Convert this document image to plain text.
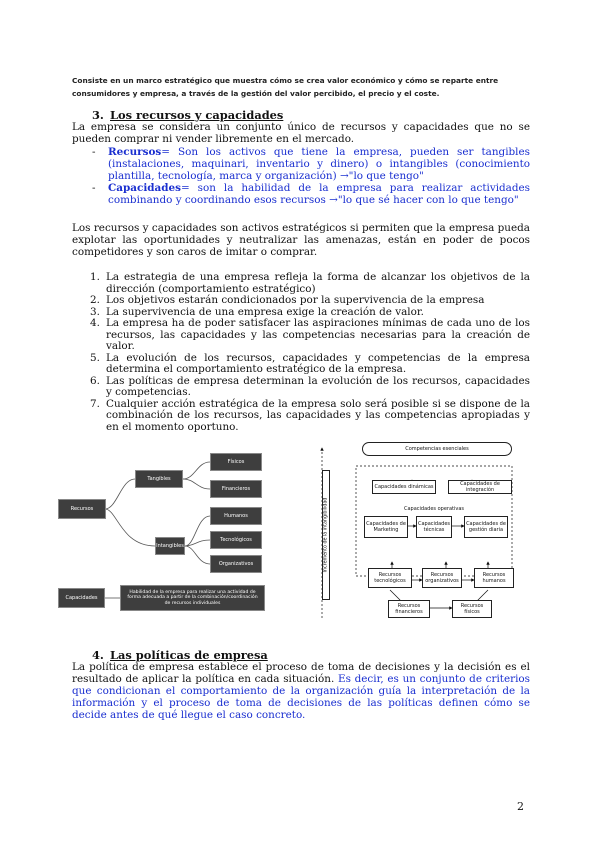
Consiste en un marco estratégico que muestra cómo se crea valor económico y cómo se reparte entre consumidores y empresa, a través de la gestión del valor percibido, el precio y el coste.
3. Los recursos y capacidades
La empresa se considera un conjunto único de recursos y capacidades que no se pueden comprar ni vender libremente en el mercado.
- Recursos= Son los activos que tiene la empresa, pueden ser tangibles (instalaciones, maquinari, inventario y dinero) o intangibles (conocimiento plantilla, tecnología, marca y organización) →"lo que tengo"
- Capacidades= son la habilidad de la empresa para realizar actividades combinando y coordinando esos recursos →"lo que sé hacer con lo que tengo"
Los recursos y capacidades son activos estratégicos si permiten que la empresa pueda explotar las oportunidades y neutralizar las amenazas, están en poder de pocos competidores y son caros de imitar o comprar.
1. La estrategia de una empresa refleja la forma de alcanzar los objetivos de la dirección (comportamiento estratégico)
2. Los objetivos estarán condicionados por la supervivencia de la empresa
3. La supervivencia de una empresa exige la creación de valor.
4. La empresa ha de poder satisfacer las aspiraciones mínimas de cada uno de los recursos, las capacidades y las competencias necesarias para la creación de valor.
5. La evolución de los recursos, capacidades y competencias de la empresa determina el comportamiento estratégico de la empresa.
6. Las políticas de empresa determinan la evolución de los recursos, capacidades y competencias.
7. Cualquier acción estratégica de la empresa solo será posible si se dispone de la combinación de los recursos, las capacidades y las competencias apropiadas y en el momento oportuno.
Recursos
Tangibles
Intangibles
Físicos
Financieros
Humanos
Tecnológicos
Organizativos
Capacidades
Habilidad de la empresa para realizar una actividad de forma adecuada a partir de la combinación/coordinación de recursos individuales
Incremento de la intangibilidad
Competencias esenciales
Capacidades dinámicas	Capacidades de integración
Capacidades operativas
Capacidades de Marketing
Capacidades técnicas
Capacidades de gestión diaria
Recursos tecnológicos
Recursos organizativos
Recursos humanos
Recursos financieros
Recursos físicos
4. Las políticas de empresa
La política de empresa establece el proceso de toma de decisiones y la decisión es el resultado de aplicar la política en cada situación. Es decir, es un conjunto de criterios que condicionan el comportamiento de la organización guía la interpretación de la información y el proceso de toma de decisiones de las políticas definen cómo se decide antes de qué llegue el caso concreto.
2
